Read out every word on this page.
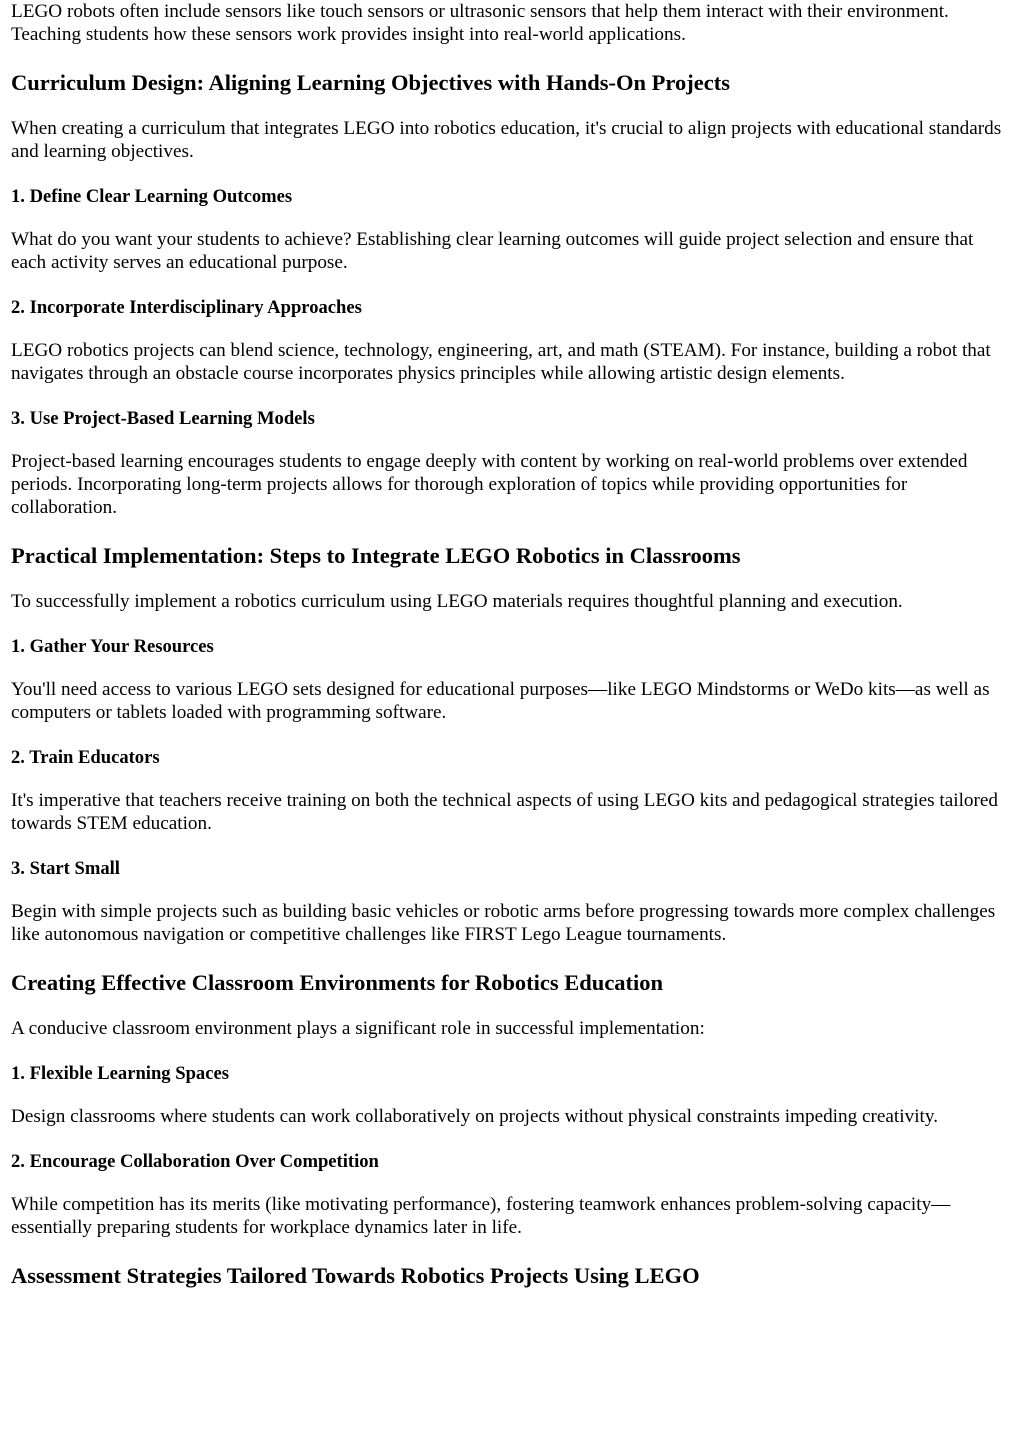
LEGO robots often include sensors like touch sensors or ultrasonic sensors that help them interact with their environment. Teaching students how these sensors work provides insight into real-world applications.

Curriculum Design: Aligning Learning Objectives with Hands-On Projects

When creating a curriculum that integrates LEGO into robotics education, it's crucial to align projects with educational standards and learning objectives.

1. Define Clear Learning Outcomes

What do you want your students to achieve? Establishing clear learning outcomes will guide project selection and ensure that each activity serves an educational purpose.

2. Incorporate Interdisciplinary Approaches

LEGO robotics projects can blend science, technology, engineering, art, and math (STEAM). For instance, building a robot that navigates through an obstacle course incorporates physics principles while allowing artistic design elements.

3. Use Project-Based Learning Models

Project-based learning encourages students to engage deeply with content by working on real-world problems over extended periods. Incorporating long-term projects allows for thorough exploration of topics while providing opportunities for collaboration.

Practical Implementation: Steps to Integrate LEGO Robotics in Classrooms

To successfully implement a robotics curriculum using LEGO materials requires thoughtful planning and execution.

1. Gather Your Resources

You'll need access to various LEGO sets designed for educational purposes—like LEGO Mindstorms or WeDo kits—as well as computers or tablets loaded with programming software.

2. Train Educators

It's imperative that teachers receive training on both the technical aspects of using LEGO kits and pedagogical strategies tailored towards STEM education.

3. Start Small

Begin with simple projects such as building basic vehicles or robotic arms before progressing towards more complex challenges like autonomous navigation or competitive challenges like FIRST Lego League tournaments.

Creating Effective Classroom Environments for Robotics Education

A conducive classroom environment plays a significant role in successful implementation:

1. Flexible Learning Spaces

Design classrooms where students can work collaboratively on projects without physical constraints impeding creativity.

2. Encourage Collaboration Over Competition

While competition has its merits (like motivating performance), fostering teamwork enhances problem-solving capacity—essentially preparing students for workplace dynamics later in life.

Assessment Strategies Tailored Towards Robotics Projects Using LEGO
